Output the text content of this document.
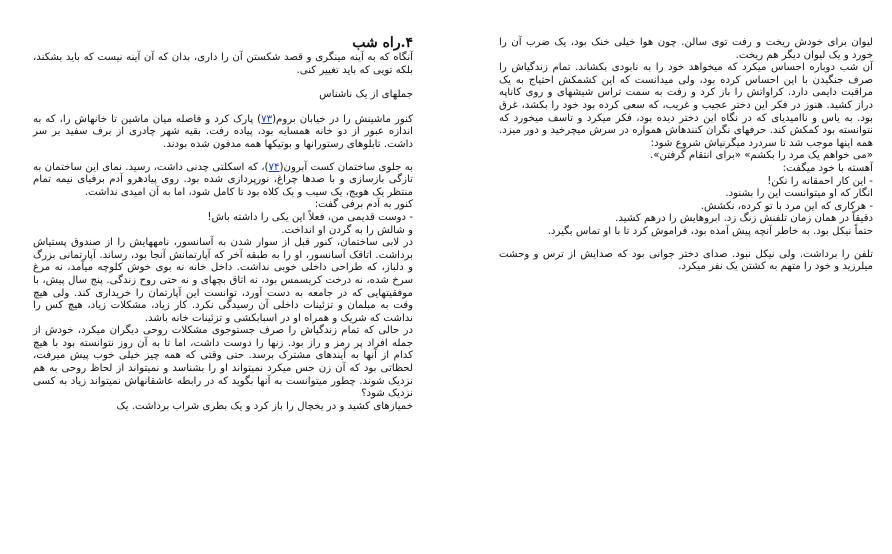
۴.راه شب

آنگاه که به آینه مینگری و قصد شکستن آن را داری، بدان که آن آینه نیست که باید بشکند، بلکه تویی که باید تغییر کنی.

جملهای از یک ناشناس

کنور ماشینش را در خیابان بروم(۷۳) پارک کرد و فاصله میان ماشین تا خانهاش را، که به اندازه عبور از دو خانه همسایه بود، پیاده رفت. بقیه شهر چادری از برف سفید بر سر داشت. تابلوهای رستورانها و بوتیکها همه مدفون شده بودند.

به جلوی ساختمان کست آبرون(۷۴)، که اسکلتی چدنی داشت، رسید. نمای این ساختمان به تازگی بازسازی و با صدها چراغ، نورپردازی شده بود. روی پیادهرو آدم برفیای نیمه تمام منتظر یک هویج، یک سیب و یک کلاه بود تا کامل شود، اما به آن امیدی نداشت.

کنور به آدم برفی گفت:

- دوست قدیمی من، فعلاً این یکی را داشته باش!

و شالش را به گردن او انداخت.

در لابی ساختمان، کنور قبل از سوار شدن به آسانسور، نامههایش را از صندوق پستیاش برداشت. اتاقک آسانسور، او را به طبقه آخر که آپارتمانش آنجا بود، رساند. آپارتمانی بزرگ و دلباز، که طراحی داخلی خوبی نداشت. داخل خانه نه بوی خوش کلوچه میآمد، نه مرغ سرخ شده، نه درخت کریسمس بود، نه اتاق بچهای و نه حتی روح زندگی. پنج سال پیش، با موفقیتهایی که در جامعه به دست آورد، توانست این آپارتمان را خریداری کند. ولی هیچ وقت به مبلمان و تزئینات داخلی آن رسیدگی نکرد. کار زیاد، مشکلات زیاد، هیچ کس را نداشت که شریک و همراه او در اسبابکشی و تزئینات خانه باشد.

در حالی که تمام زندگیاش را صرف جستوجوی مشکلات روحی دیگران میکرد، خودش از جمله افراد پر رمز و راز بود. زنها را دوست داشت، اما تا به آن روز نتوانسته بود با هیچ کدام از آنها به آیندهای مشترک برسد. حتی وقتی که همه چیز خیلی خوب پیش میرفت، لحظاتی بود که آن زن حس میکرد نمیتواند او را بشناسد و نمیتواند از لحاظ روحی به هم نزدیک شوند. چطور میتوانست به آنها بگوید که در رابطه عاشقانهاش نمیتواند زیاد به کسی نزدیک شود؟

خمیازهای کشید و در یخچال را باز کرد و یک بطری شراب برداشت. یک

لیوان برای خودش ریخت و رفت توی سالن. چون هوا خیلی خنک بود، یک ضرب آن را خورد و یک لیوان دیگر هم ریخت.

آن شب دوباره احساس میکرد که میخواهد خود را به نابودی بکشاند. تمام زندگیاش را صرف جنگیدن با این احساس کرده بود، ولی میدانست که این کشمکش احتیاج به یک مراقبت دایمی دارد. کراواتش را باز کرد و رفت به سمت تراس شیشهای و روی کاناپه دراز کشید. هنوز در فکر این دختر عجیب و غریب، که سعی کرده بود خود را بکشد، غرق بود. به یاس و ناامیدیای که در نگاه این دختر دیده بود، فکر میکرد و تاسف میخورد که نتوانسته بود کمکش کند. حرفهای نگران کنندهاش همواره در سرش میچرخید و دور میزد. همه اینها موجب شد تا سردرد میگرنیاش شروع شود:

«می خواهم یک مرد را بکشم» «برای انتقام گرفتن».

آهسته با خود میگفت:

- این کار احمقانه را نکن!

انگار که او میتوانست این را بشنود.

- هرکاری که این مرد با تو کرده، نکشش.

دقیقاً در همان زمان تلفنش زنگ زد. ابروهایش را درهم کشید.

حتماً نیکل بود. به خاطر آنچه پیش آمده بود، فراموش کرد تا با او تماس بگیرد.

تلفن را برداشت. ولی نیکل نبود. صدای دختر جوانی بود که صدایش از ترس و وحشت میلرزید و خود را متهم به کشتن یک نفر میکرد.
